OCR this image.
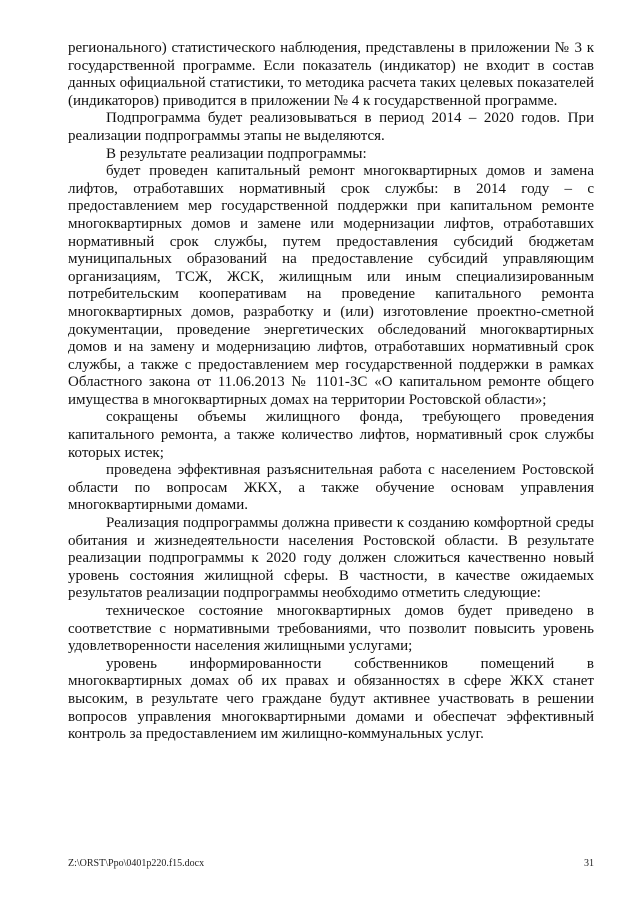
регионального) статистического наблюдения, представлены в приложении № 3 к государственной программе. Если показатель (индикатор) не входит в состав данных официальной статистики, то методика расчета таких целевых показателей (индикаторов) приводится в приложении № 4 к государственной программе.

Подпрограмма будет реализовываться в период 2014 – 2020 годов. При реализации подпрограммы этапы не выделяются.

В результате реализации подпрограммы:

будет проведен капитальный ремонт многоквартирных домов и замена лифтов, отработавших нормативный срок службы: в 2014 году – с предоставлением мер государственной поддержки при капитальном ремонте многоквартирных домов и замене или модернизации лифтов, отработавших нормативный срок службы, путем предоставления субсидий бюджетам муниципальных образований на предоставление субсидий управляющим организациям, ТСЖ, ЖСК, жилищным или иным специализированным потребительским кооперативам на проведение капитального ремонта многоквартирных домов, разработку и (или) изготовление проектно-сметной документации, проведение энергетических обследований многоквартирных домов и на замену и модернизацию лифтов, отработавших нормативный срок службы, а также с предоставлением мер государственной поддержки в рамках Областного закона от 11.06.2013 № 1101-ЗС «О капитальном ремонте общего имущества в многоквартирных домах на территории Ростовской области»;

сокращены объемы жилищного фонда, требующего проведения капитального ремонта, а также количество лифтов, нормативный срок службы которых истек;

проведена эффективная разъяснительная работа с населением Ростовской области по вопросам ЖКХ, а также обучение основам управления многоквартирными домами.

Реализация подпрограммы должна привести к созданию комфортной среды обитания и жизнедеятельности населения Ростовской области. В результате реализации подпрограммы к 2020 году должен сложиться качественно новый уровень состояния жилищной сферы. В частности, в качестве ожидаемых результатов реализации подпрограммы необходимо отметить следующие:

техническое состояние многоквартирных домов будет приведено в соответствие с нормативными требованиями, что позволит повысить уровень удовлетворенности населения жилищными услугами;

уровень информированности собственников помещений в многоквартирных домах об их правах и обязанностях в сфере ЖКХ станет высоким, в результате чего граждане будут активнее участвовать в решении вопросов управления многоквартирными домами и обеспечат эффективный контроль за предоставлением им жилищно-коммунальных услуг.

Z:\ORST\Ppo\0401p220.f15.docx	31
